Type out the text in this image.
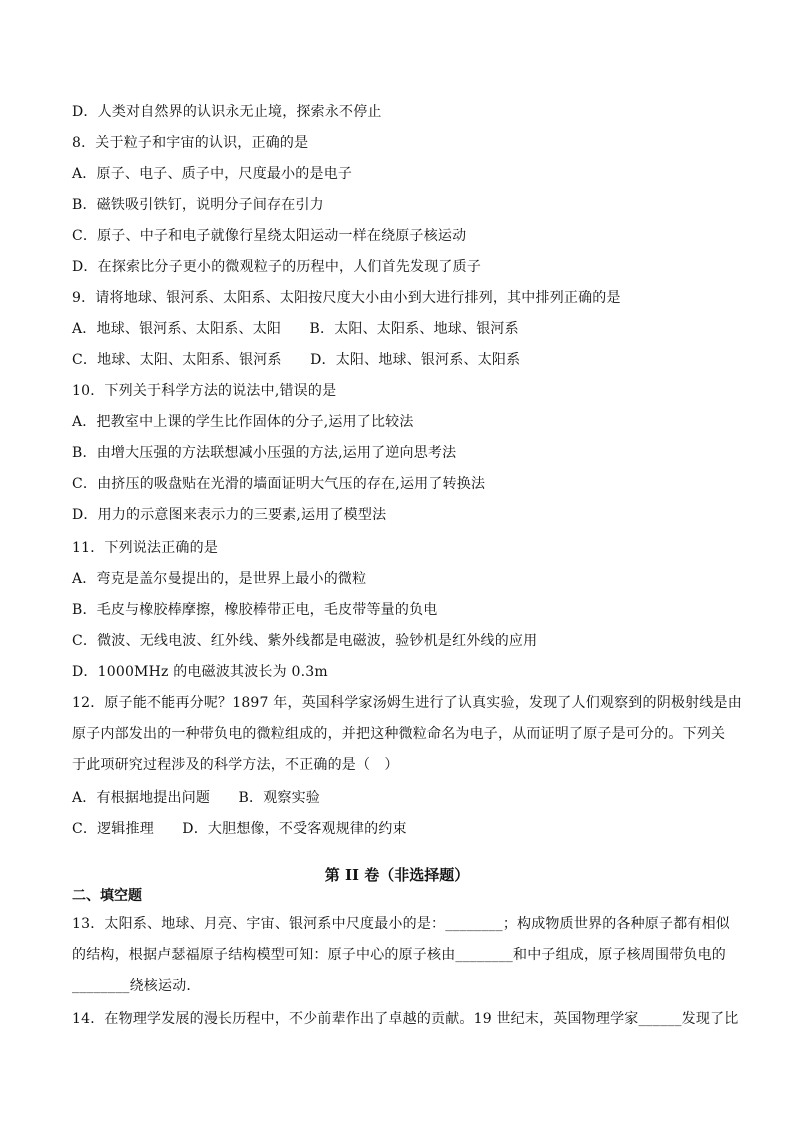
D．人类对自然界的认识永无止境，探索永不停止
8．关于粒子和宇宙的认识，正确的是
A．原子、电子、质子中，尺度最小的是电子
B．磁铁吸引铁钉，说明分子间存在引力
C．原子、中子和电子就像行星绕太阳运动一样在绕原子核运动
D．在探索比分子更小的微观粒子的历程中，人们首先发现了质子
9．请将地球、银河系、太阳系、太阳按尺度大小由小到大进行排列，其中排列正确的是
A．地球、银河系、太阳系、太阳　　B．太阳、太阳系、地球、银河系
C．地球、太阳、太阳系、银河系　　D．太阳、地球、银河系、太阳系
10．下列关于科学方法的说法中,错误的是
A．把教室中上课的学生比作固体的分子,运用了比较法
B．由增大压强的方法联想减小压强的方法,运用了逆向思考法
C．由挤压的吸盘贴在光滑的墙面证明大气压的存在,运用了转换法
D．用力的示意图来表示力的三要素,运用了模型法
11．下列说法正确的是
A．弯克是盖尔曼提出的，是世界上最小的微粒
B．毛皮与橡胶棒摩擦，橡胶棒带正电，毛皮带等量的负电
C．微波、无线电波、红外线、紫外线都是电磁波，验钞机是红外线的应用
D．1000MHz 的电磁波其波长为 0.3m
12．原子能不能再分呢？1897 年，英国科学家汤姆生进行了认真实验，发现了人们观察到的阴极射线是由
原子内部发出的一种带负电的微粒组成的，并把这种微粒命名为电子，从而证明了原子是可分的。下列关
于此项研究过程涉及的科学方法，不正确的是（　）
A．有根据地提出问题　　B．观察实验
C．逻辑推理　　D．大胆想像，不受客观规律的约束
第 II 卷（非选择题）
二、填空题
13．太阳系、地球、月亮、宇宙、银河系中尺度最小的是：________；构成物质世界的各种原子都有相似
的结构，根据卢瑟福原子结构模型可知：原子中心的原子核由________和中子组成，原子核周围带负电的
________绕核运动．
14．在物理学发展的漫长历程中，不少前辈作出了卓越的贡献。19 世纪末，英国物理学家______发现了比
